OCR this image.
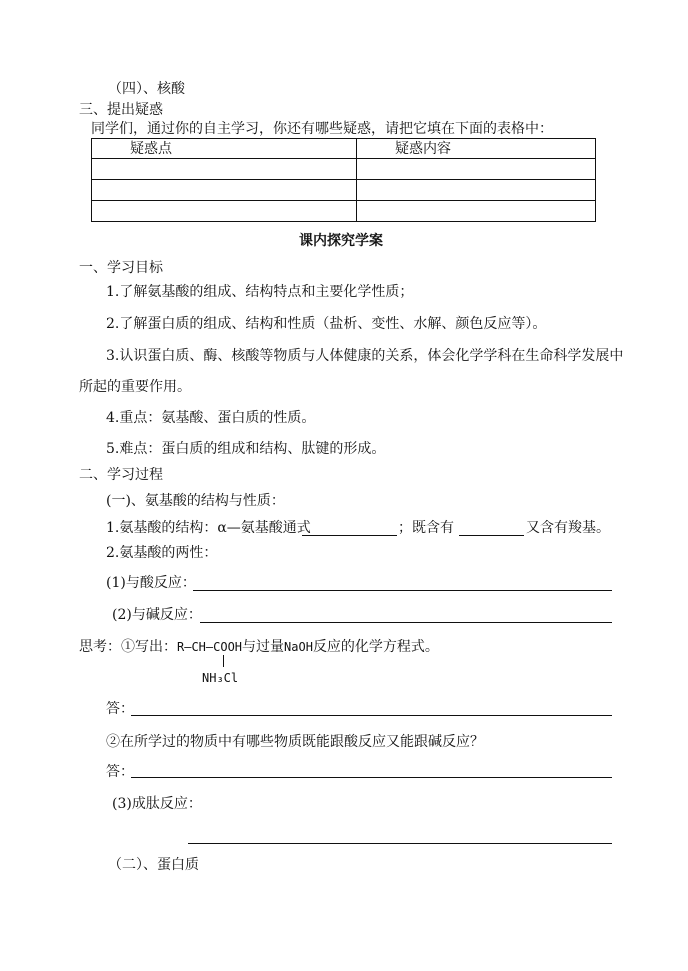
（四）、核酸
三、提出疑惑
同学们，通过你的自主学习，你还有哪些疑惑，请把它填在下面的表格中：
疑惑点	疑惑内容

课内探究学案
一、学习目标
1.了解氨基酸的组成、结构特点和主要化学性质；
2.了解蛋白质的组成、结构和性质（盐析、变性、水解、颜色反应等）。
3.认识蛋白质、酶、核酸等物质与人体健康的关系，体会化学学科在生命科学发展中
所起的重要作用。
4.重点：氨基酸、蛋白质的性质。
5.难点：蛋白质的组成和结构、肽键的形成。
二、学习过程
(一)、氨基酸的结构与性质：
1.氨基酸的结构：α—氨基酸通式	；既含有	又含有羧基。
2.氨基酸的两性：
(1)与酸反应：
(2)与碱反应：
思考：①写出：R—CH—COOH与过量NaOH反应的化学方程式。
NH₃Cl
答：
②在所学过的物质中有哪些物质既能跟酸反应又能跟碱反应？
答：
(3)成肽反应：
（二）、蛋白质
